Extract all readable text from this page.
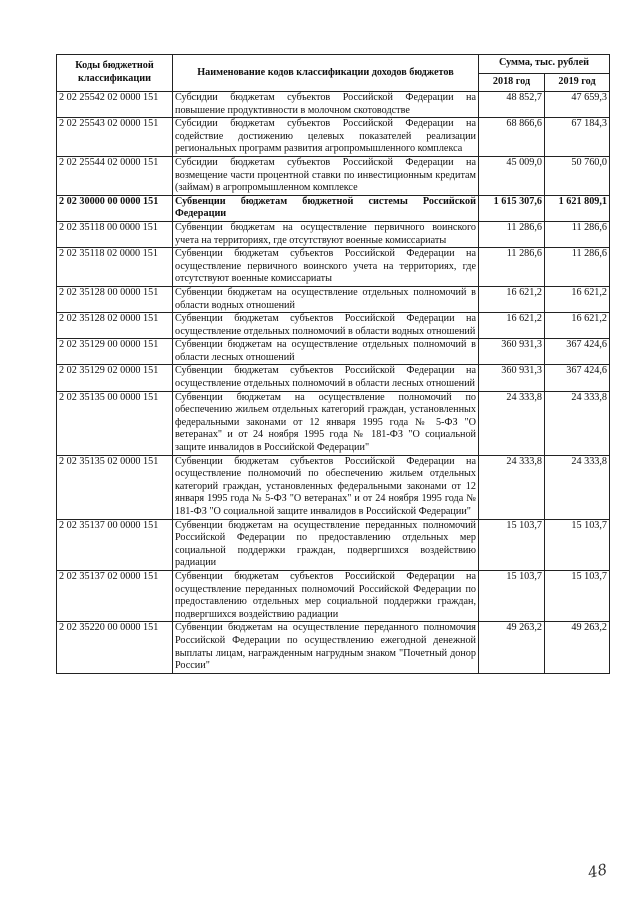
Коды бюджетной классификации	Наименование кодов классификации доходов бюджетов	Сумма, тыс. рублей	
		2018 год	2019 год
2 02 25542 02 0000 151	Субсидии бюджетам субъектов Российской Федерации на повышение продуктивности в молочном скотоводстве	48 852,7	47 659,3
2 02 25543 02 0000 151	Субсидии бюджетам субъектов Российской Федерации на содействие достижению целевых показателей реализации региональных программ развития агропромышленного комплекса	68 866,6	67 184,3
2 02 25544 02 0000 151	Субсидии бюджетам субъектов Российской Федерации на возмещение части процентной ставки по инвестиционным кредитам (займам) в агропромышленном комплексе	45 009,0	50 760,0
2 02 30000 00 0000 151	Субвенции бюджетам бюджетной системы Российской Федерации	1 615 307,6	1 621 809,1
2 02 35118 00 0000 151	Субвенции бюджетам на осуществление первичного воинского учета на территориях, где отсутствуют военные комиссариаты	11 286,6	11 286,6
2 02 35118 02 0000 151	Субвенции бюджетам субъектов Российской Федерации на осуществление первичного воинского учета на территориях, где отсутствуют военные комиссариаты	11 286,6	11 286,6
2 02 35128 00 0000 151	Субвенции бюджетам на осуществление отдельных полномочий в области водных отношений	16 621,2	16 621,2
2 02 35128 02 0000 151	Субвенции бюджетам субъектов Российской Федерации на осуществление отдельных полномочий в области водных отношений	16 621,2	16 621,2
2 02 35129 00 0000 151	Субвенции бюджетам на осуществление отдельных полномочий в области лесных отношений	360 931,3	367 424,6
2 02 35129 02 0000 151	Субвенции бюджетам субъектов Российской Федерации на осуществление отдельных полномочий в области лесных отношений	360 931,3	367 424,6
2 02 35135 00 0000 151	Субвенции бюджетам на осуществление полномочий по обеспечению жильем отдельных категорий граждан, установленных федеральными законами от 12 января 1995 года № 5-ФЗ "О ветеранах" и от 24 ноября 1995 года № 181-ФЗ "О социальной защите инвалидов в Российской Федерации"	24 333,8	24 333,8
2 02 35135 02 0000 151	Субвенции бюджетам субъектов Российской Федерации на осуществление полномочий по обеспечению жильем отдельных категорий граждан, установленных федеральными законами от 12 января 1995 года № 5-ФЗ "О ветеранах" и от 24 ноября 1995 года № 181-ФЗ "О социальной защите инвалидов в Российской Федерации"	24 333,8	24 333,8
2 02 35137 00 0000 151	Субвенции бюджетам на осуществление переданных полномочий Российской Федерации по предоставлению отдельных мер социальной поддержки граждан, подвергшихся воздействию радиации	15 103,7	15 103,7
2 02 35137 02 0000 151	Субвенции бюджетам субъектов Российской Федерации на осуществление переданных полномочий Российской Федерации по предоставлению отдельных мер социальной поддержки граждан, подвергшихся воздействию радиации	15 103,7	15 103,7
2 02 35220 00 0000 151	Субвенции бюджетам на осуществление переданного полномочия Российской Федерации по осуществлению ежегодной денежной выплаты лицам, награжденным нагрудным знаком "Почетный донор России"	49 263,2	49 263,2
48
